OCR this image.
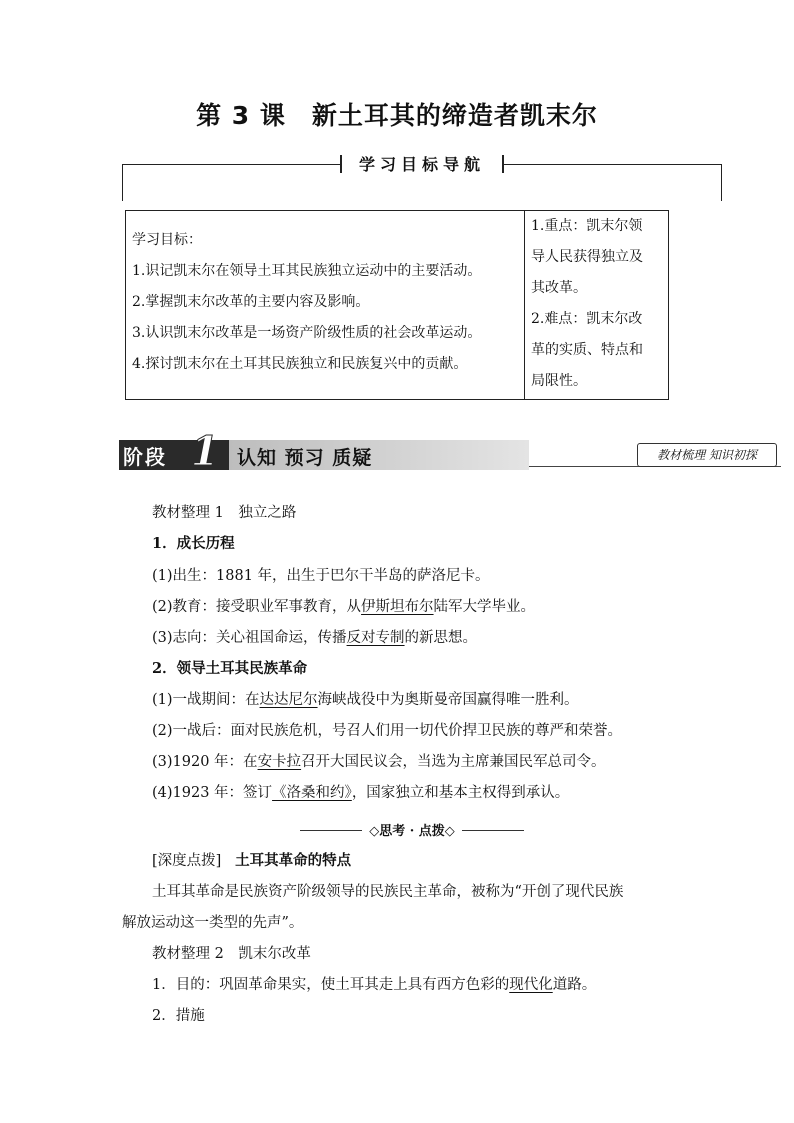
第 3 课 新土耳其的缔造者凯末尔
学习目标导航

学习目标：

1.识记凯末尔在领导土耳其民族独立运动中的主要活动。

2.掌握凯末尔改革的主要内容及影响。

3.认识凯末尔改革是一场资产阶级性质的社会改革运动。

4.探讨凯末尔在土耳其民族独立和民族复兴中的贡献。

1.重点：凯末尔领

导人民获得独立及

其改革。

2.难点：凯末尔改

革的实质、特点和

局限性。

阶段 1 认知 预习 质疑	教材梳理 知识初探
教材整理 1　独立之路
1．成长历程
(1)出生：1881 年，出生于巴尔干半岛的萨洛尼卡。
(2)教育：接受职业军事教育，从伊斯坦布尔陆军大学毕业。
(3)志向：关心祖国命运，传播反对专制的新思想。
2．领导土耳其民族革命
(1)一战期间：在达达尼尔海峡战役中为奥斯曼帝国赢得唯一胜利。
(2)一战后：面对民族危机，号召人们用一切代价捍卫民族的尊严和荣誉。
(3)1920 年：在安卡拉召开大国民议会，当选为主席兼国民军总司令。
(4)1923 年：签订《洛桑和约》，国家独立和基本主权得到承认。
◇思考 · 点拨◇
[深度点拨] 土耳其革命的特点
土耳其革命是民族资产阶级领导的民族民主革命，被称为“开创了现代民族
解放运动这一类型的先声”。
教材整理 2　凯末尔改革
1．目的：巩固革命果实，使土耳其走上具有西方色彩的现代化道路。
2．措施
